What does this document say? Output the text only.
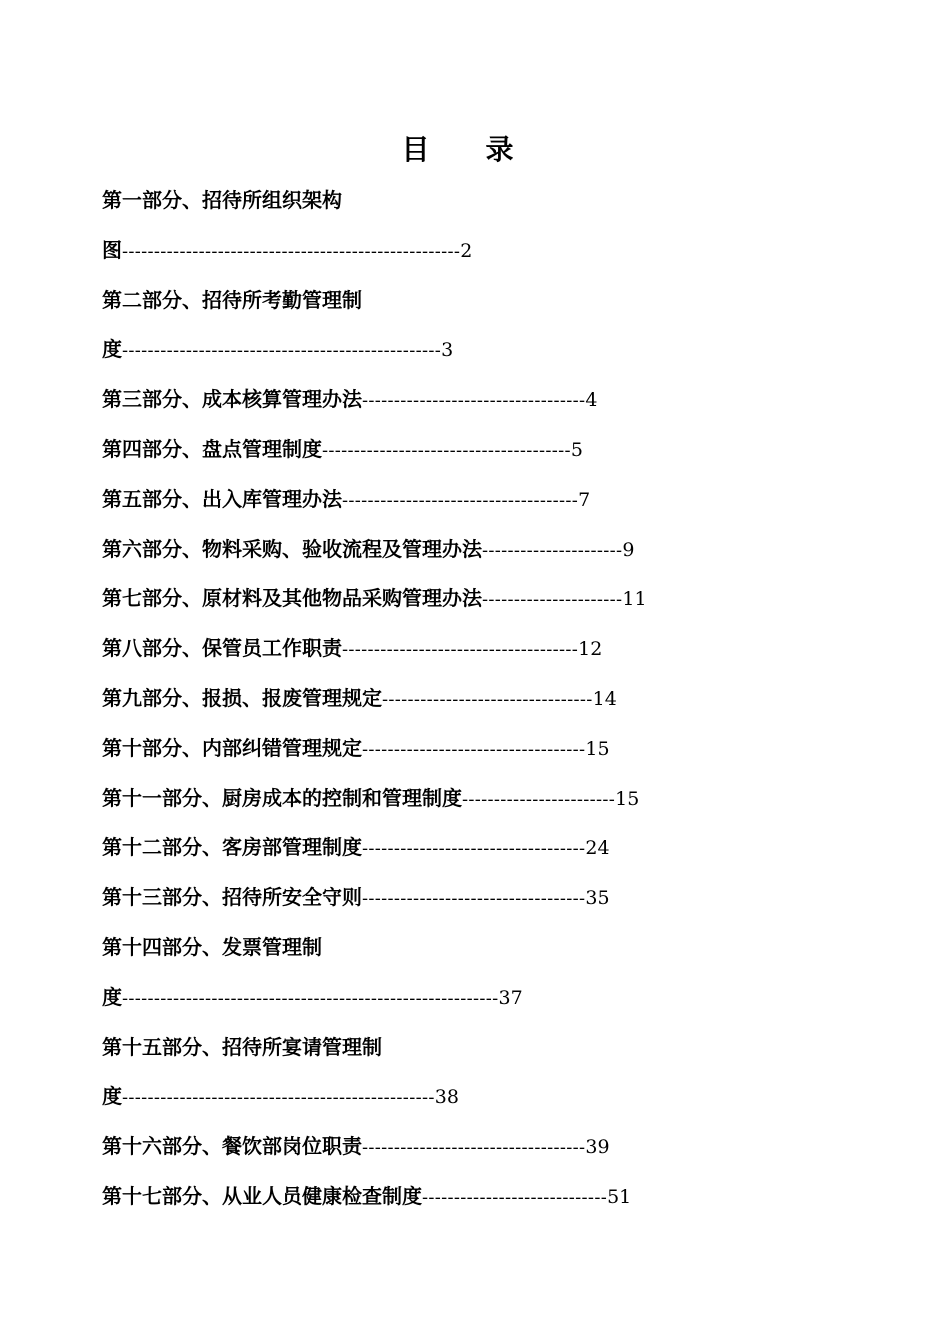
目 录
第一部分、招待所组织架构
图-----------------------------------------------------2
第二部分、招待所考勤管理制
度--------------------------------------------------3
第三部分、成本核算管理办法-----------------------------------4
第四部分、盘点管理制度---------------------------------------5
第五部分、出入库管理办法-------------------------------------7
第六部分、物料采购、验收流程及管理办法----------------------9
第七部分、原材料及其他物品采购管理办法----------------------11
第八部分、保管员工作职责-------------------------------------12
第九部分、报损、报废管理规定---------------------------------14
第十部分、内部纠错管理规定-----------------------------------15
第十一部分、厨房成本的控制和管理制度------------------------15
第十二部分、客房部管理制度-----------------------------------24
第十三部分、招待所安全守则-----------------------------------35
第十四部分、发票管理制
度-----------------------------------------------------------37
第十五部分、招待所宴请管理制
度-------------------------------------------------38
第十六部分、餐饮部岗位职责-----------------------------------39
第十七部分、从业人员健康检查制度-----------------------------51
